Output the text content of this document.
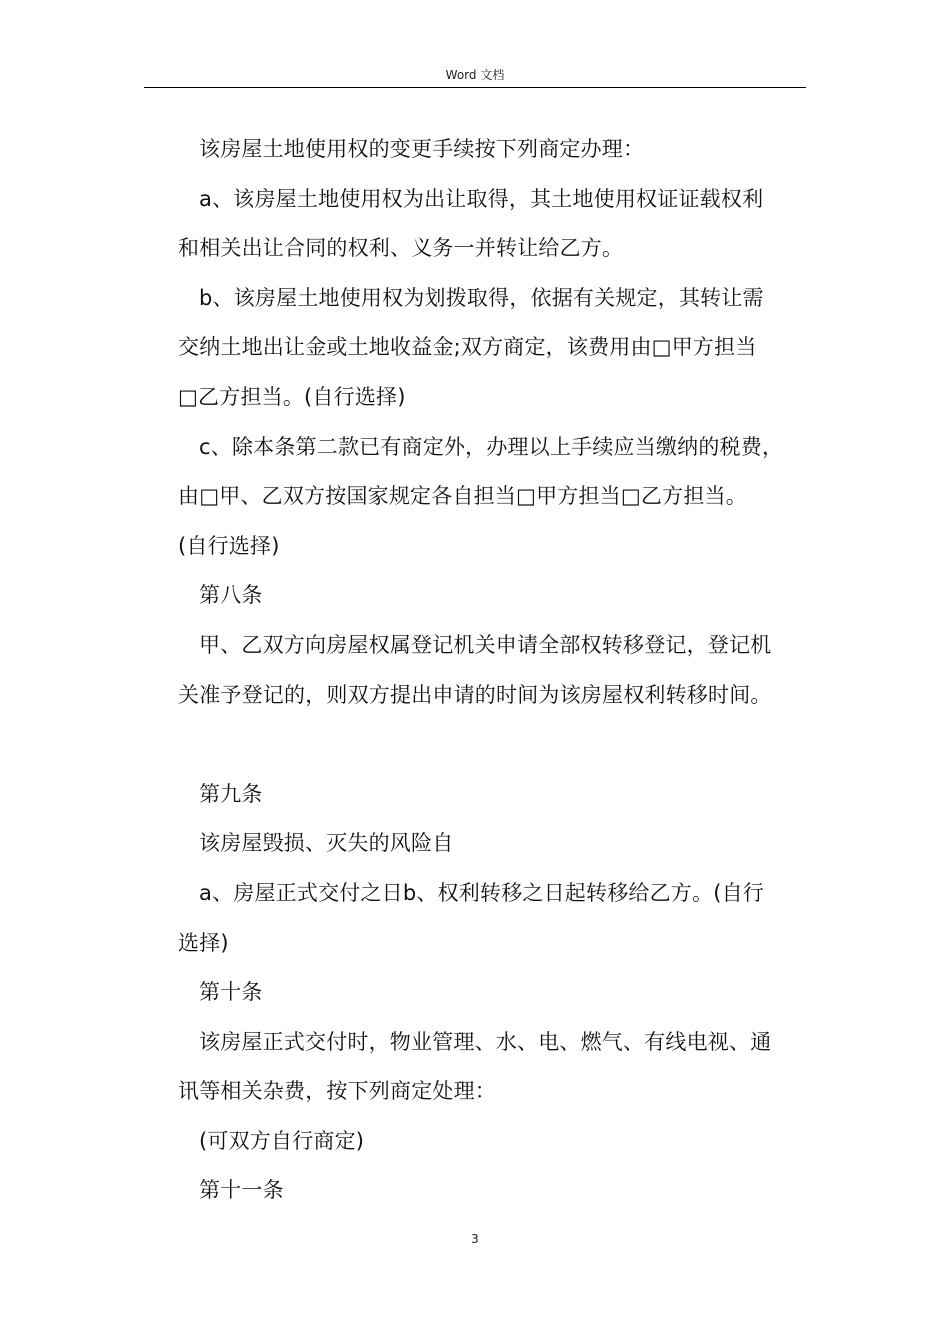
Word 文档
该房屋土地使用权的变更手续按下列商定办理：
a、该房屋土地使用权为出让取得，其土地使用权证证载权利
和相关出让合同的权利、义务一并转让给乙方。
b、该房屋土地使用权为划拨取得，依据有关规定，其转让需
交纳土地出让金或土地收益金;双方商定，该费用由□甲方担当
□乙方担当。(自行选择)
c、除本条第二款已有商定外，办理以上手续应当缴纳的税费，
由□甲、乙双方按国家规定各自担当□甲方担当□乙方担当。
(自行选择)
第八条
甲、乙双方向房屋权属登记机关申请全部权转移登记，登记机
关准予登记的，则双方提出申请的时间为该房屋权利转移时间。
第九条
该房屋毁损、灭失的风险自
a、房屋正式交付之日b、权利转移之日起转移给乙方。(自行
选择)
第十条
该房屋正式交付时，物业管理、水、电、燃气、有线电视、通
讯等相关杂费，按下列商定处理：
(可双方自行商定)
第十一条
3
